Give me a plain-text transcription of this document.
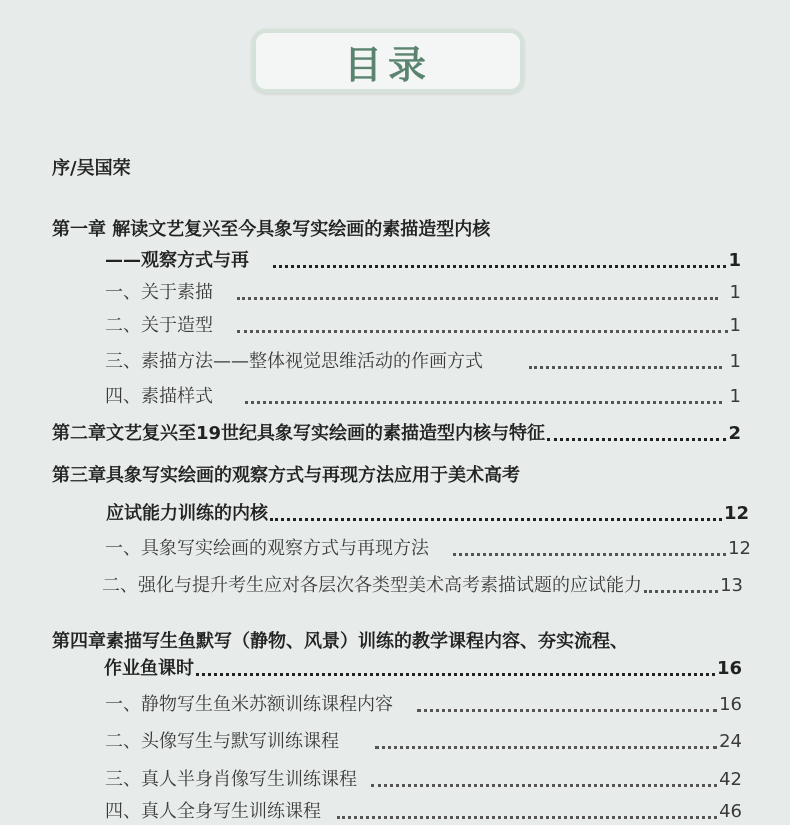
目录
序/吴国荣
第一章 解读文艺复兴至今具象写实绘画的素描造型内核
——观察方式与再	1
一、关于素描	1
二、关于造型	1
三、素描方法——整体视觉思维活动的作画方式	1
四、素描样式	1
第二章文艺复兴至19世纪具象写实绘画的素描造型内核与特征	2
第三章具象写实绘画的观察方式与再现方法应用于美术高考
应试能力训练的内核	12
一、具象写实绘画的观察方式与再现方法	12
二、强化与提升考生应对各层次各类型美术高考素描试题的应试能力	13
第四章素描写生鱼默写（静物、风景）训练的教学课程内容、夯实流程、
作业鱼课时	16
一、静物写生鱼米苏额训练课程内容	16
二、头像写生与默写训练课程	24
三、真人半身肖像写生训练课程	42
四、真人全身写生训练课程	46
